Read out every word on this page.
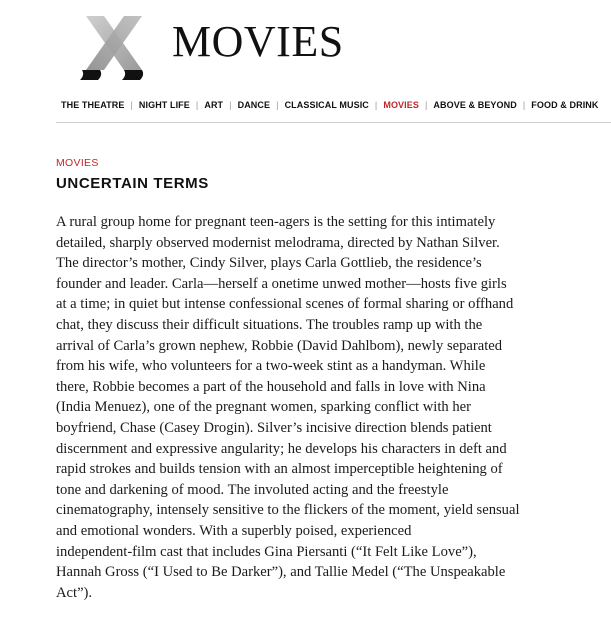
MOVIES
THE THEATRE | NIGHT LIFE | ART | DANCE | CLASSICAL MUSIC | MOVIES | ABOVE & BEYOND | FOOD & DRINK
MOVIES
UNCERTAIN TERMS

A rural group home for pregnant teen-agers is the setting for this intimately
detailed, sharply observed modernist melodrama, directed by Nathan Silver.
The director’s mother, Cindy Silver, plays Carla Gottlieb, the residence’s
founder and leader. Carla—herself a onetime unwed mother—hosts five girls
at a time; in quiet but intense confessional scenes of formal sharing or offhand
chat, they discuss their difficult situations. The troubles ramp up with the
arrival of Carla’s grown nephew, Robbie (David Dahlbom), newly separated
from his wife, who volunteers for a two-week stint as a handyman. While
there, Robbie becomes a part of the household and falls in love with Nina
(India Menuez), one of the pregnant women, sparking conflict with her
boyfriend, Chase (Casey Drogin). Silver’s incisive direction blends patient
discernment and expressive angularity; he develops his characters in deft and
rapid strokes and builds tension with an almost imperceptible heightening of
tone and darkening of mood. The involuted acting and the freestyle
cinematography, intensely sensitive to the flickers of the moment, yield sensual
and emotional wonders. With a superbly poised, experienced
independent-film cast that includes Gina Piersanti (“It Felt Like Love”),
Hannah Gross (“I Used to Be Darker”), and Tallie Medel (“The Unspeakable
Act”).
